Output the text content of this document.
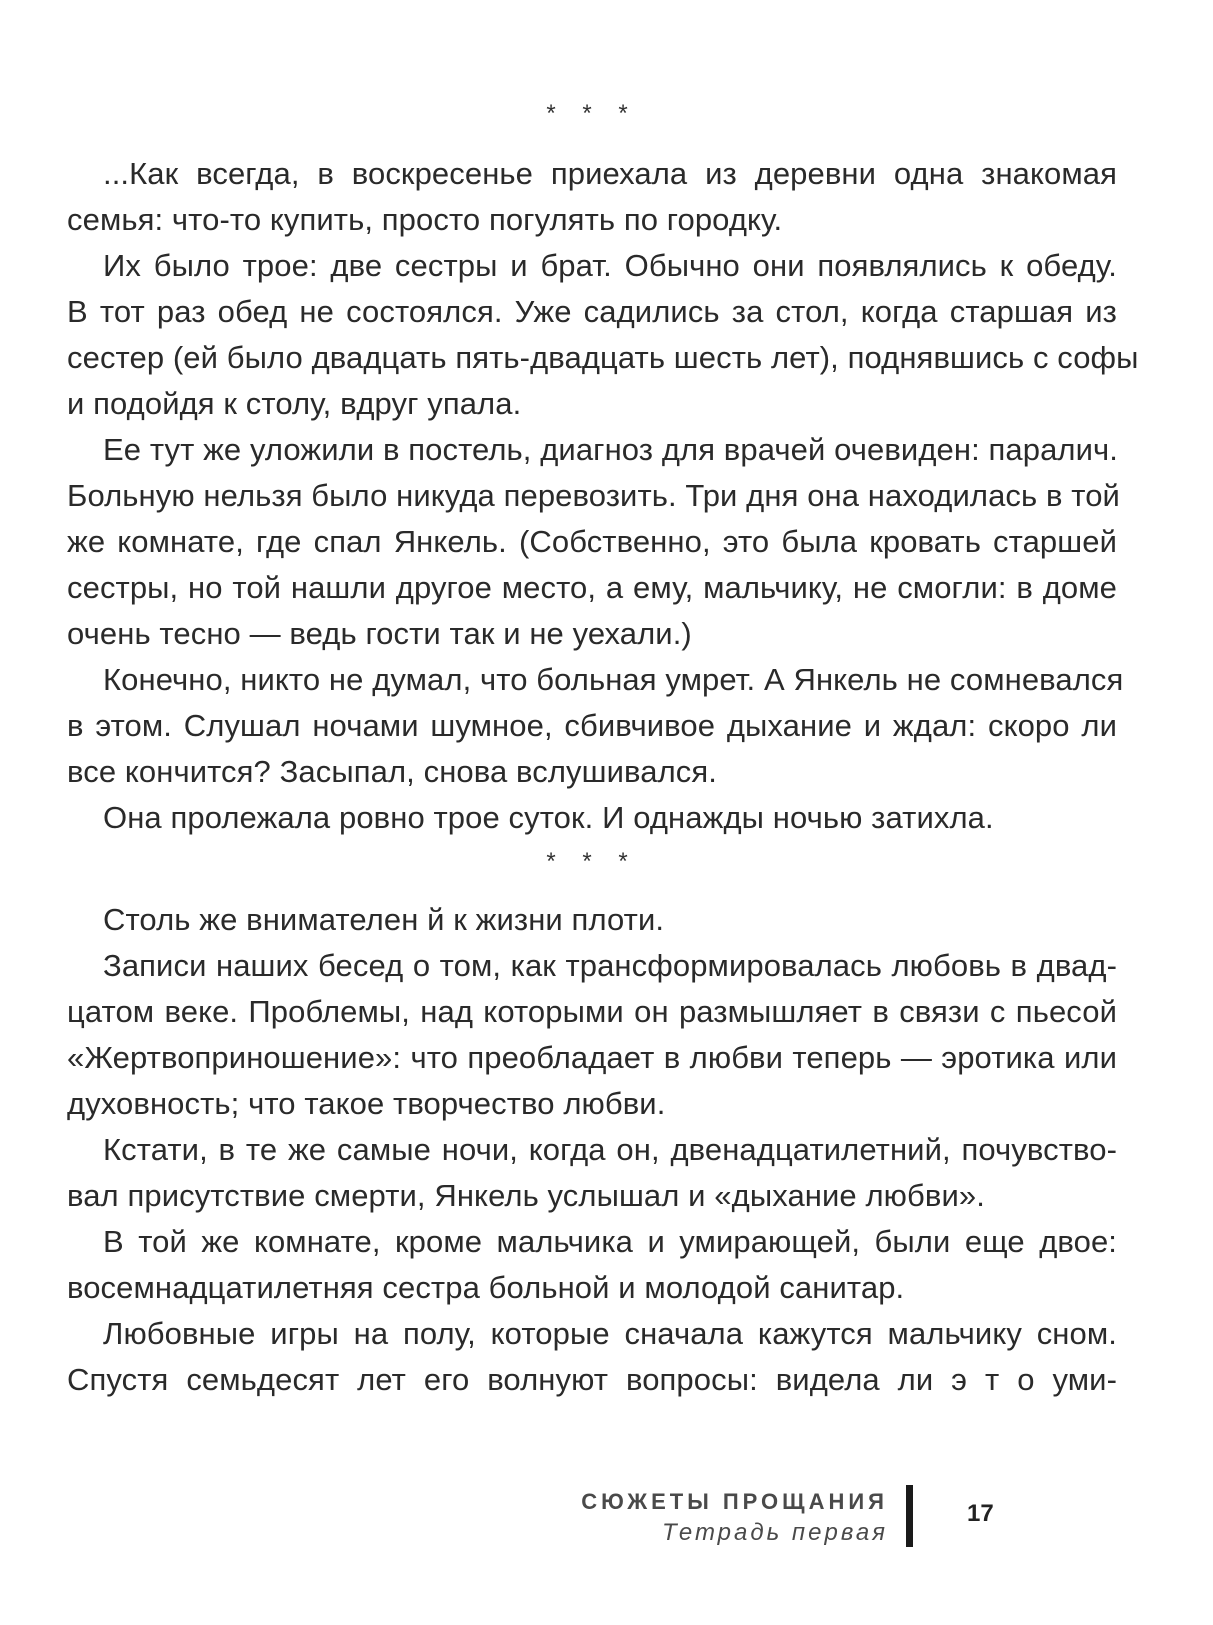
* * *
...Как всегда, в воскресенье приехала из деревни одна знакомая
семья: что-то купить, просто погулять по городку.
Их было трое: две сестры и брат. Обычно они появлялись к обеду.
В тот раз обед не состоялся. Уже садились за стол, когда старшая из
сестер (ей было двадцать пять-двадцать шесть лет), поднявшись с софы
и подойдя к столу, вдруг упала.
Ее тут же уложили в постель, диагноз для врачей очевиден: паралич.
Больную нельзя было никуда перевозить. Три дня она находилась в той
же комнате, где спал Янкель. (Собственно, это была кровать старшей
сестры, но той нашли другое место, а ему, мальчику, не смогли: в доме
очень тесно — ведь гости так и не уехали.)
Конечно, никто не думал, что больная умрет. А Янкель не сомневался
в этом. Слушал ночами шумное, сбивчивое дыхание и ждал: скоро ли
все кончится? Засыпал, снова вслушивался.
Она пролежала ровно трое суток. И однажды ночью затихла.
* * *
Столь же внимателен й к жизни плоти.
Записи наших бесед о том, как трансформировалась любовь в двад-
цатом веке. Проблемы, над которыми он размышляет в связи с пьесой
«Жертвоприношение»: что преобладает в любви теперь — эротика или
духовность; что такое творчество любви.
Кстати, в те же самые ночи, когда он, двенадцатилетний, почувство-
вал присутствие смерти, Янкель услышал и «дыхание любви».
В той же комнате, кроме мальчика и умирающей, были еще двое:
восемнадцатилетняя сестра больной и молодой санитар.
Любовные игры на полу, которые сначала кажутся мальчику сном.
Спустя семьдесят лет его волнуют вопросы: видела ли э т о уми-
СЮЖЕТЫ ПРОЩАНИЯ
Тетрадь первая
17
